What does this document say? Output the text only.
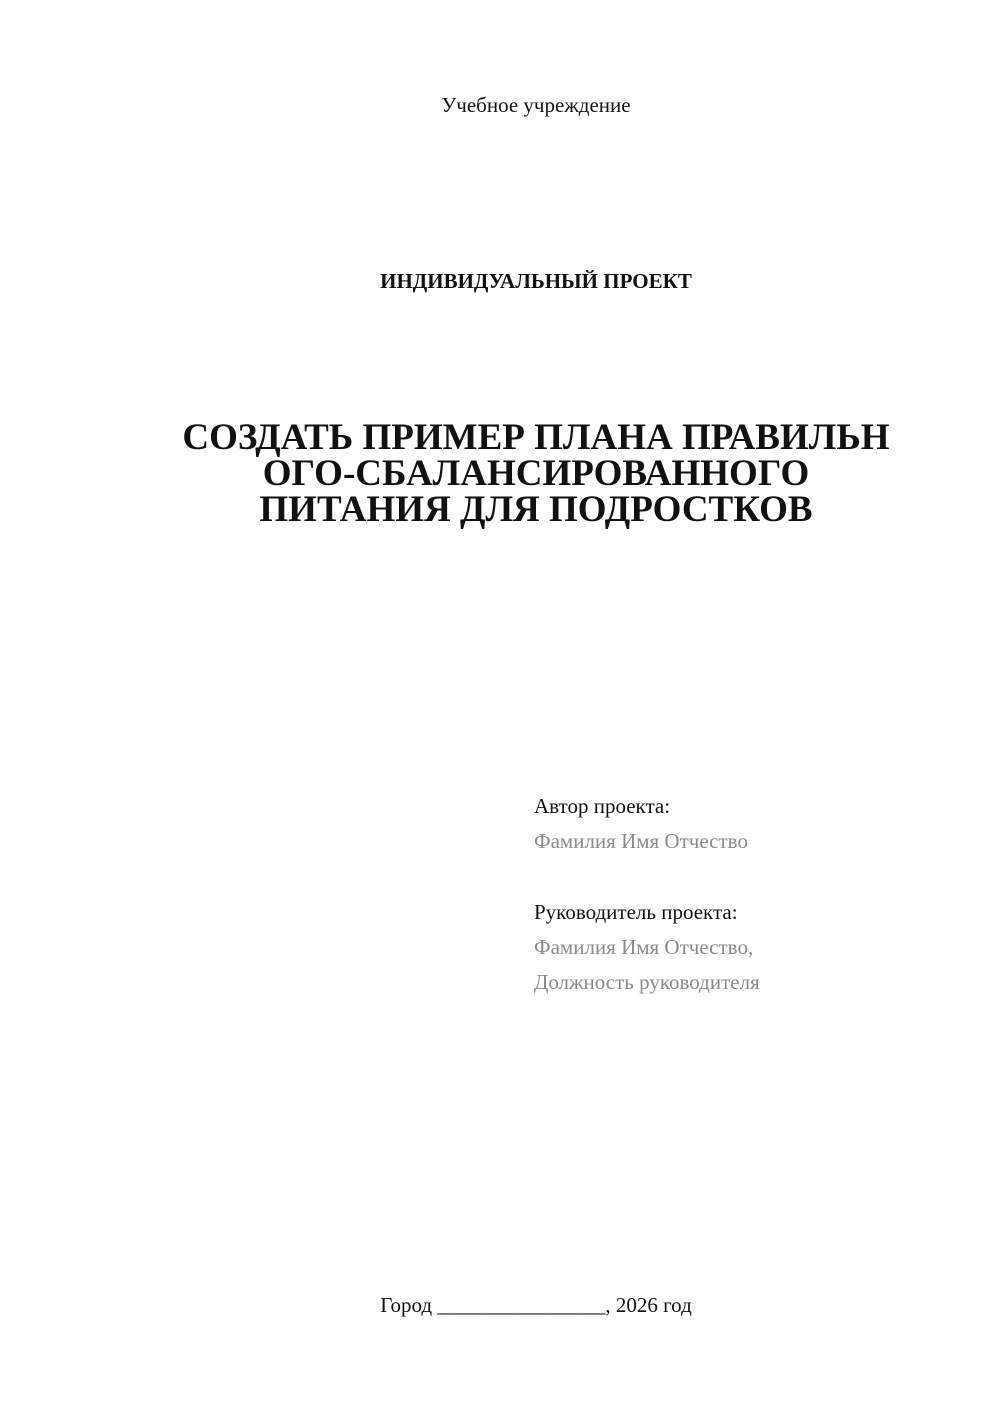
Учебное учреждение
ИНДИВИДУАЛЬНЫЙ ПРОЕКТ
СОЗДАТЬ ПРИМЕР ПЛАНА ПРАВИЛЬН
ОГО-СБАЛАНСИРОВАННОГО
ПИТАНИЯ ДЛЯ ПОДРОСТКОВ
Автор проекта:
Фамилия Имя Отчество
Руководитель проекта:
Фамилия Имя Отчество,
Должность руководителя
Город ________________, 2026 год
